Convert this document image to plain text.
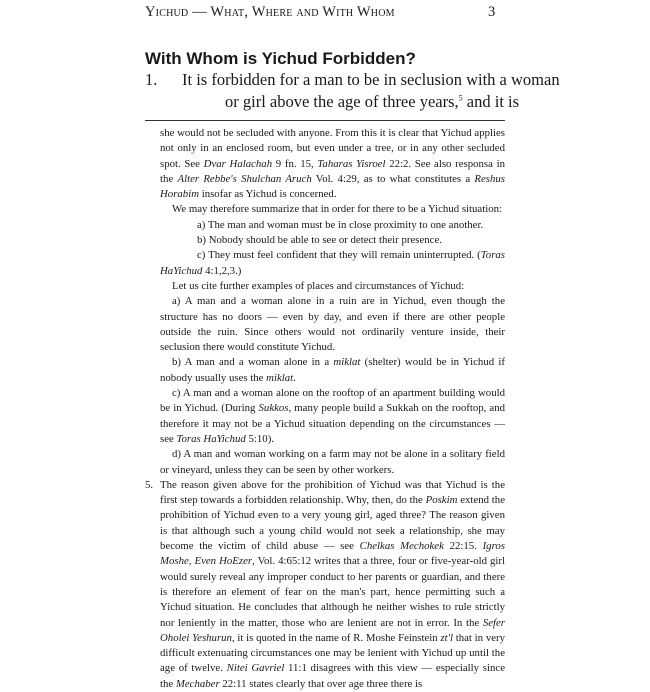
Yichud — What, Where and With Whom	3
With Whom is Yichud Forbidden?
1. It is forbidden for a man to be in seclusion with a woman
or girl above the age of three years,$^5$ and it is

she would not be secluded with anyone. From this it is clear that Yichud applies not only in an enclosed room, but even under a tree, or in any other secluded spot. See Dvar Halachah 9 fn. 15, Taharas Yisroel 22:2. See also responsa in the Alter Rebbe's Shulchan Aruch Vol. 4:29, as to what constitutes a Reshus Horabim insofar as Yichud is concerned.

We may therefore summarize that in order for there to be a Yichud situation:

a) The man and woman must be in close proximity to one another.

b) Nobody should be able to see or detect their presence.

c) They must feel confident that they will remain uninterrupted. (Toras HaYichud 4:1,2,3.)

Let us cite further examples of places and circumstances of Yichud:

a) A man and a woman alone in a ruin are in Yichud, even though the structure has no doors — even by day, and even if there are other people outside the ruin. Since others would not ordinarily venture inside, their seclusion there would constitute Yichud.

b) A man and a woman alone in a miklat (shelter) would be in Yichud if nobody usually uses the miklat.

c) A man and a woman alone on the rooftop of an apartment building would be in Yichud. (During Sukkos, many people build a Sukkah on the rooftop, and therefore it may not be a Yichud situation depending on the circumstances — see Toras HaYichud 5:10).

d) A man and woman working on a farm may not be alone in a solitary field or vineyard, unless they can be seen by other workers.

5. The reason given above for the prohibition of Yichud was that Yichud is the first step towards a forbidden relationship. Why, then, do the Poskim extend the prohibition of Yichud even to a very young girl, aged three? The reason given is that although such a young child would not seek a relationship, she may become the victim of child abuse — see Chelkas Mechokek 22:15. Igros Moshe, Even HoEzer, Vol. 4:65:12 writes that a three, four or five-year-old girl would surely reveal any improper conduct to her parents or guardian, and there is therefore an element of fear on the man's part, hence permitting such a Yichud situation. He concludes that although he neither wishes to rule strictly nor leniently in the matter, those who are lenient are not in error. In the Sefer Oholei Yeshurun, it is quoted in the name of R. Moshe Feinstein zt'l that in very difficult extenuating circumstances one may be lenient with Yichud up until the age of twelve. Nitei Gavriel 11:1 disagrees with this view — especially since the Mechaber 22:11 states clearly that over age three there is
